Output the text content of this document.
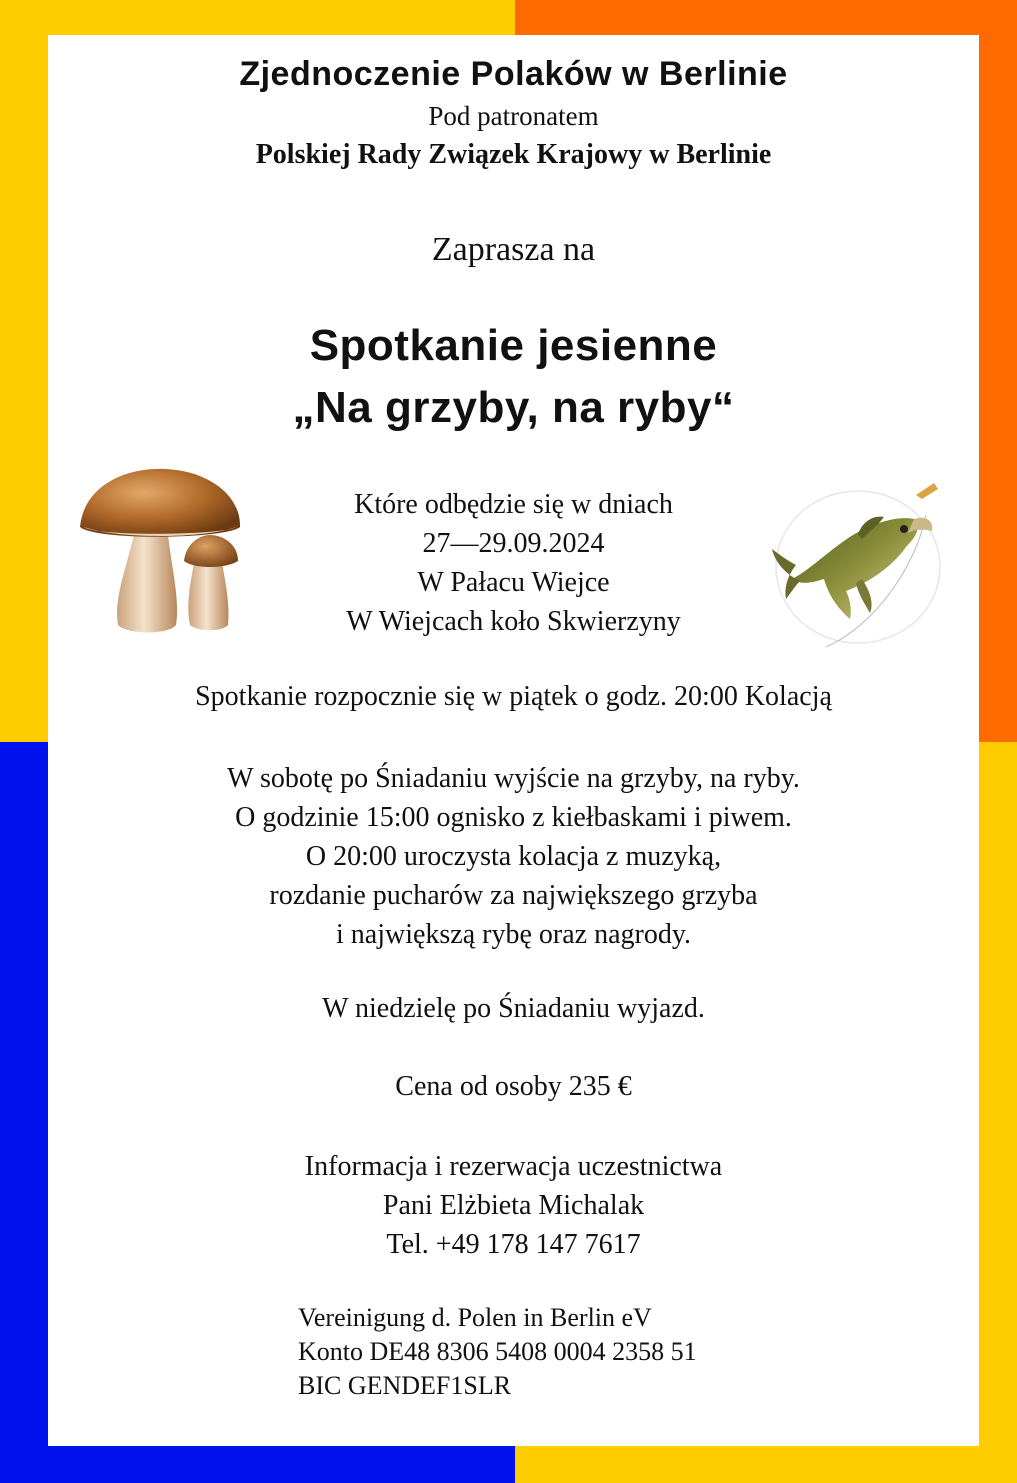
Zjednoczenie Polaków w Berlinie
Pod patronatem
Polskiej Rady Związek Krajowy w Berlinie
Zaprasza na
Spotkanie jesienne
„Na grzyby, na ryby“
Które odbędzie się w dniach
27—29.09.2024
W Pałacu Wiejce
W Wiejcach koło Skwierzyny
Spotkanie rozpocznie się w piątek o godz. 20:00 Kolacją
W sobotę po Śniadaniu wyjście na grzyby, na ryby.
O godzinie 15:00 ognisko z kiełbaskami i piwem.
O 20:00 uroczysta kolacja z muzyką,
rozdanie pucharów za największego grzyba
i największą rybę oraz nagrody.
W niedzielę po Śniadaniu wyjazd.
Cena od osoby 235 €
Informacja i rezerwacja uczestnictwa
Pani Elżbieta Michalak
Tel. +49 178 147 7617
Vereinigung d. Polen in Berlin eV
Konto DE48 8306 5408 0004 2358 51
BIC GENDEF1SLR
